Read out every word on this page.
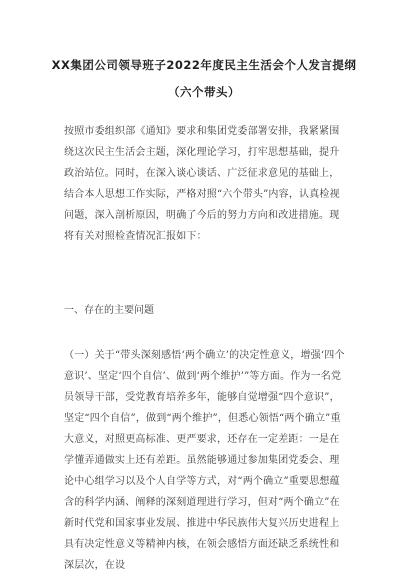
XX集团公司领导班子2022年度民主生活会个人发言提纲
（六个带头）
按照市委组织部《通知》要求和集团党委部署安排，我紧紧围绕这次民主生活会主题，深化理论学习，打牢思想基础，提升政治站位。同时，在深入谈心谈话、广泛征求意见的基础上，结合本人思想工作实际，严格对照“六个带头”内容，认真检视问题，深入剖析原因，明确了今后的努力方向和改进措施。现将有关对照检查情况汇报如下：
一、存在的主要问题
（一）关于“带头深刻感悟‘两个确立’的决定性意义，增强‘四个意识’、坚定‘四个自信’、做到‘两个维护’”等方面。作为一名党员领导干部，受党教育培养多年，能够自觉增强“四个意识”，坚定“四个自信”，做到“两个维护”，但悉心领悟“两个确立”重大意义，对照更高标准、更严要求，还存在一定差距：一是在学懂弄通做实上还有差距。虽然能够通过参加集团党委会、理论中心组学习以及个人自学等方式，对“两个确立”重要思想蕴含的科学内涵、阐释的深刻道理进行学习，但对“两个确立”在新时代党和国家事业发展、推进中华民族伟大复兴历史进程上具有决定性意义等精神内核，在领会感悟方面还缺乏系统性和深层次，在设
